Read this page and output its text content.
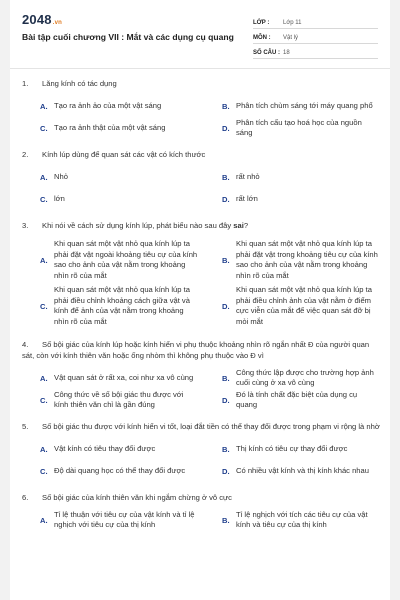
2048.vn
Bài tập cuối chương VII : Mắt và các dụng cụ quang
LỚP :	Lớp 11
MÔN :	Vật lý
SỐ CÂU : 18
1. Lăng kính có tác dụng
A. Tạo ra ảnh ảo của một vật sáng	B. Phân tích chùm sáng tới máy quang phổ
C. Tạo ra ảnh thật của một vật sáng	D.
Phân tích cấu tạo hoá học của nguồn sáng
2. Kính lúp dùng để quan sát các vật có kích thước
A. Nhỏ	B. rất nhỏ
C. lớn	D. rất lớn
3. Khi nói về cách sử dụng kính lúp, phát biểu nào sau đây sai?
A.
Khi quan sát một vật nhỏ qua kính lúp ta phải đặt vật ngoài khoảng tiêu cự của kính sao cho ảnh của vật nằm trong khoảng nhìn rõ của mắt
B.
Khi quan sát một vật nhỏ qua kính lúp ta phải đặt vật trong khoảng tiêu cự của kính sao cho ảnh của vật nằm trong khoảng nhìn rõ của mắt
C.
Khi quan sát một vật nhỏ qua kính lúp ta phải điều chỉnh khoảng cách giữa vật và kính để ảnh của vật nằm trong khoảng nhìn rõ của mắt
D.
Khi quan sát một vật nhỏ qua kính lúp ta phải điều chỉnh ảnh của vật nằm ở điểm cực viễn của mắt để việc quan sát đỡ bị mỏi mắt
4. Số bội giác của kính lúp hoặc kính hiển vi phụ thuộc khoảng nhìn rõ ngắn nhất Đ của người quan sát, còn với kính thiên văn hoặc ống nhòm thì không phụ thuộc vào Đ vì
A. Vật quan sát ở rất xa, coi như xa vô cùng	B.
Công thức lập được cho trường hợp ảnh cuối cùng ở xa vô cùng
C.
Công thức về số bội giác thu được với kính thiên văn chỉ là gần đúng	D.
Đó là tính chất đặc biệt của dụng cụ quang
5. Số bội giác thu được với kính hiển vi tốt, loại đắt tiền có thể thay đổi được trong phạm vi rộng là nhờ
A. Vật kính có tiêu thay đổi được	B. Thị kính có tiêu cự thay đổi được
C. Độ dài quang học có thể thay đổi được	D. Có nhiều vật kính và thị kính khác nhau
6. Số bội giác của kính thiên văn khi ngắm chừng ở vô cực
A.
Tỉ lệ thuận với tiêu cự của vật kính và tỉ lệ nghịch với tiêu cự của thị kính	B.
Tỉ lệ nghịch với tích các tiêu cự của vật kính và tiêu cự của thị kính
